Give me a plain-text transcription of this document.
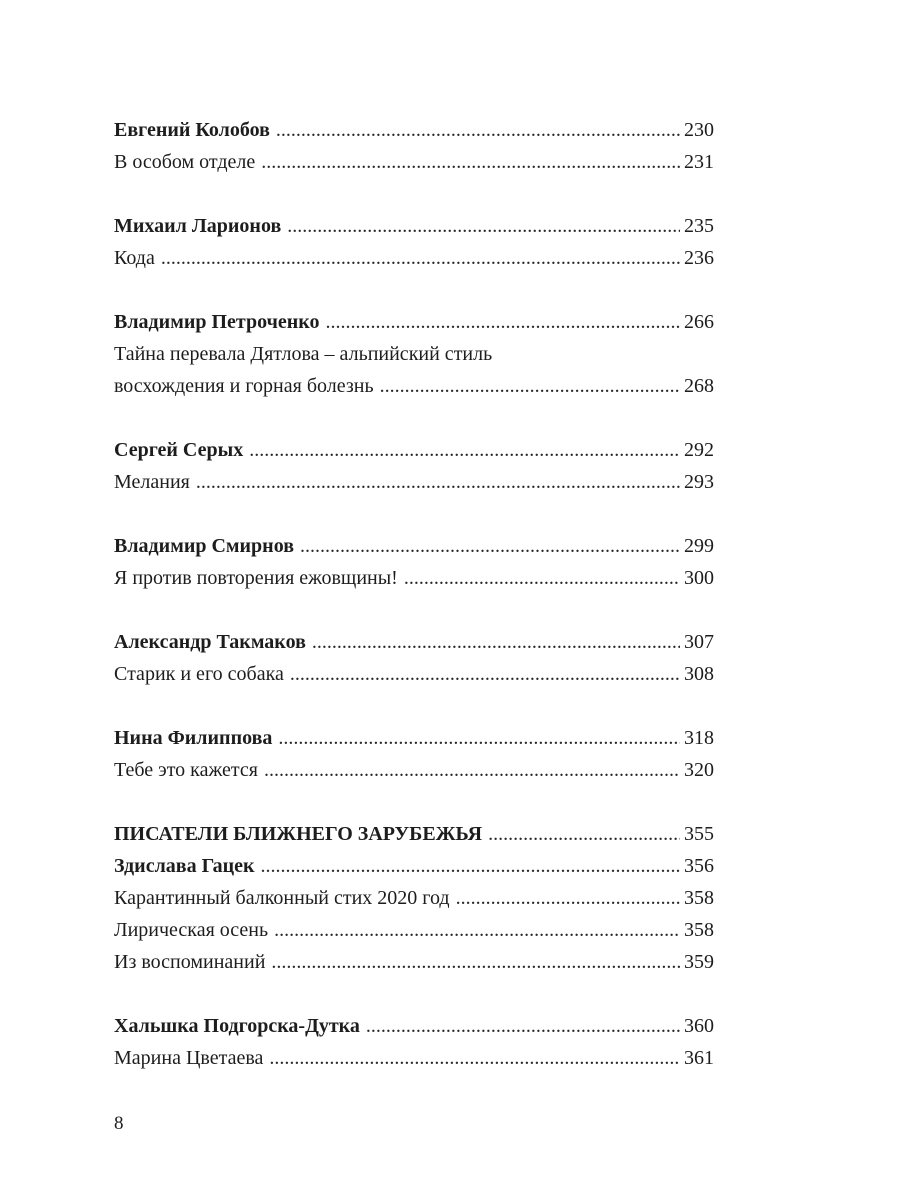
Евгений Колобов .....	230
В особом отделе .....	231
Михаил Ларионов .....	235
Кода .....	236
Владимир Петроченко .....	266
Тайна перевала Дятлова – альпийский стиль
восхождения и горная болезнь .....	268
Сергей Серых .....	292
Мелания .....	293
Владимир Смирнов .....	299
Я против повторения ежовщины! .....	300
Александр Такмаков .....	307
Старик и его собака .....	308
Нина Филиппова .....	318
Тебе это кажется .....	320
ПИСАТЕЛИ БЛИЖНЕГО ЗАРУБЕЖЬЯ .....	355
Здислава Гацек .....	356
Карантинный балконный стих 2020 год .....	358
Лирическая осень .....	358
Из воспоминаний .....	359
Хальшка Подгорска-Дутка .....	360
Марина Цветаева .....	361
8
